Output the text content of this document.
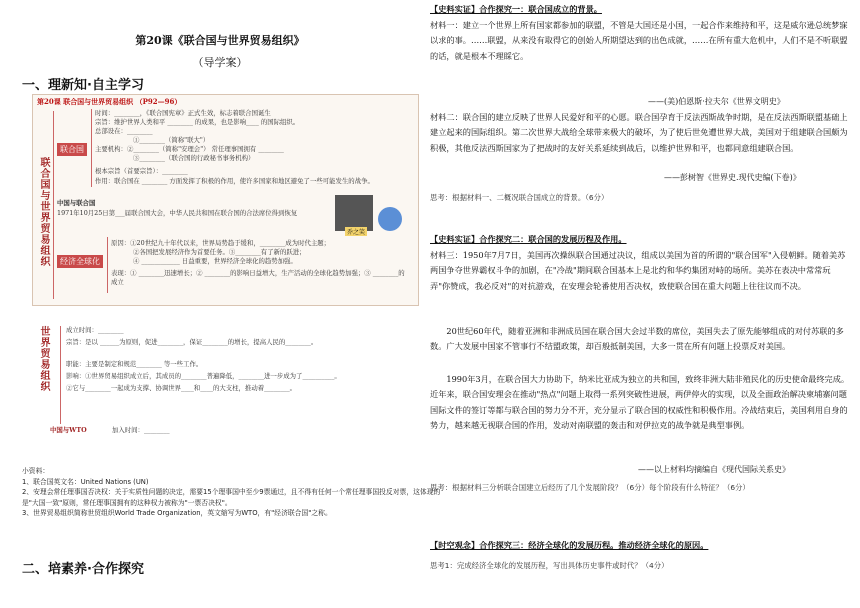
第20课《联合国与世界贸易组织》
（导学案）
一、理新知·自主学习
第20课 联合国与世界贸易组织 （P92—96）
联合国与世界贸易组织
联合国
时间：________，《联合国宪章》正式生效，标志着联合国诞生
宗旨：维护世界人类和平 ________ 的成果，也是影响____ 的国际组织。
总部设在：________
①________（简称"联大"）
主要机构：②________（简称"安理会"） 常任理事国拥有 ________
③________（联合国的行政秘书事务机构）
根本宗旨（首要宗旨）：________
作用：联合国在 ________ 方面发挥了积极的作用，使许多国家和地区避免了一些可能发生的战争。
中国与联合国
1971年10月25日第___届联合国大会，中华人民共和国在联合国的合法席位得到恢复
乔之笑
经济全球化
原因：①20世纪九十年代以来，世界局势趋于缓和，________成为时代主题；
②各国把发展经济作为首要任务。③________有了新的跃进；
④ ____________ 日益重要，世界经济全球化的趋势加强。
表现：① ________迅速增长；② ________的影响日益增大，生产活动的全球化趋势加强；③ ________的成立
世界贸易组织	成立时间：________
宗旨：是以 ______为原则，促进________，保证________的增长，提高人民的________。
职能：主要是制定和规范________ 等一些工作。
影响：①世界贸易组织成立后，其成员的________普遍降低，________进一步成为了__________。
②它与________一起成为支撑、协调世界____和____的大支柱，推动着________。
中国与WTO	加入时间：________
小资料：
1、联合国英文名：United Nations (UN)
2、安理会常任理事国否决权：关于实质性问题的决定，需要15个理事国中至少9票通过，且不得有任何一个常任理事国投反对票，这体现的是"大国一致"原则，常任理事国拥有的这种权力被称为"一票否决权"。
3、世界贸易组织简称世贸组织World Trade Organization，英文缩写为WTO，有"经济联合国"之称。
二、培素养·合作探究
【史料实证】合作探究一：联合国成立的背景。
材料一：建立一个世界上所有国家都参加的联盟，不管是大国还是小国，一起合作来维持和平，这是威尔逊总统梦寐以求的事。……联盟，从来没有取得它的创始人所期望达到的出色成就，……在所有重大危机中，人们不是不听联盟的话，就是根本不理睬它。
——(美)伯恩斯·拉夫尔《世界文明史》
材料二：联合国的建立反映了世界人民爱好和平的心愿。联合国孕育于反法西斯战争时期，是在反法西斯联盟基础上建立起来的国际组织。第二次世界大战给全球带来极大的破坏，为了使后世免遭世界大战，美国对于组建联合国颇为积极，其他反法西斯国家为了把战时的友好关系延续到战后，以维护世界和平，也都同意组建联合国。
——彭树智《世界史.现代史编(下卷)》
思考：根据材料一、二概况联合国成立的背景。（6分）
【史料实证】合作探究二：联合国的发展历程及作用。
材料三：1950年7月7日，美国再次操纵联合国通过决议，组成以美国为首的所谓的"联合国军"入侵朝鲜。随着美苏两国争夺世界霸权斗争的加剧，在"冷战"期间联合国基本上是北约和华约集团对峙的场所。美苏在表决中常常玩弄"你赞成，我必反对"的对抗游戏，在安理会轮番使用否决权，致使联合国在重大问题上往往议而不决。
20世纪60年代，随着亚洲和非洲成员国在联合国大会过半数的席位，美国失去了原先能够组成的对付苏联的多数。广大发展中国家不管事行不结盟政策，却百般抵制美国，大多一贯在所有问题上投票反对美国。
1990年3月，在联合国大力协助下，纳米比亚成为独立的共和国，致终非洲大陆非殖民化的历史使命最终完成。近年来，联合国安理会在推动"热点"问题上取得一系列突破性进展，两伊停火的实现，以及全面政治解决柬埔寨问题国际文件的签订等都与联合国的努力分不开，充分显示了联合国的权威性和积极作用。冷战结束后，美国利用自身的势力，越来越无视联合国的作用，发动对南联盟的轰击和对伊拉克的战争就是典型事例。
——以上材料均摘编自《现代国际关系史》
思考：根据材料三分析联合国建立后经历了几个发展阶段？（6分）每个阶段有什么特征？（6分）
【时空观念】合作探究三：经济全球化的发展历程。推动经济全球化的原因。
思考1：完成经济全球化的发展历程，写出具体历史事件或时代？（4分）
